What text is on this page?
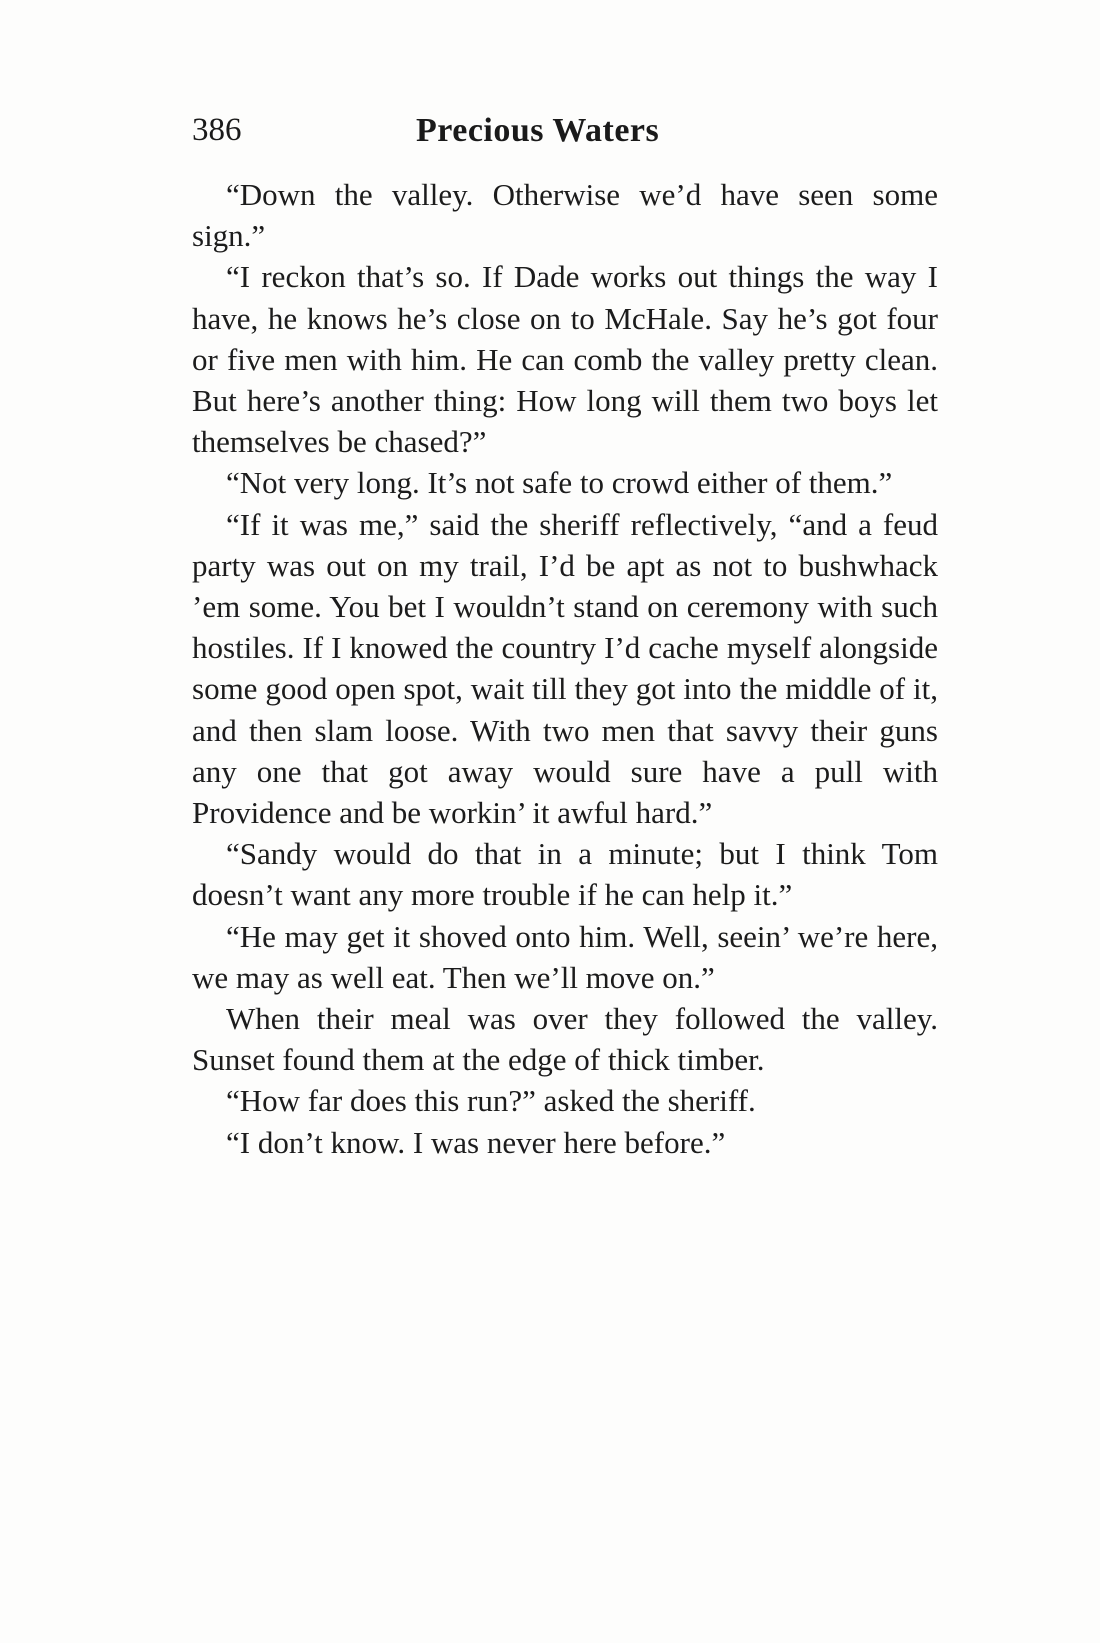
386	Precious Waters

“Down the valley. Otherwise we’d have seen some sign.”

“I reckon that’s so. If Dade works out things the way I have, he knows he’s close on to McHale. Say he’s got four or five men with him. He can comb the valley pretty clean. But here’s another thing: How long will them two boys let themselves be chased?”

“Not very long. It’s not safe to crowd either of them.”

“If it was me,” said the sheriff reflectively, “and a feud party was out on my trail, I’d be apt as not to bushwhack ’em some. You bet I wouldn’t stand on ceremony with such hostiles. If I knowed the country I’d cache myself alongside some good open spot, wait till they got into the middle of it, and then slam loose. With two men that savvy their guns any one that got away would sure have a pull with Providence and be workin’ it awful hard.”

“Sandy would do that in a minute; but I think Tom doesn’t want any more trouble if he can help it.”

“He may get it shoved onto him. Well, seein’ we’re here, we may as well eat. Then we’ll move on.”

When their meal was over they followed the valley. Sunset found them at the edge of thick timber.

“How far does this run?” asked the sheriff.

“I don’t know. I was never here before.”
